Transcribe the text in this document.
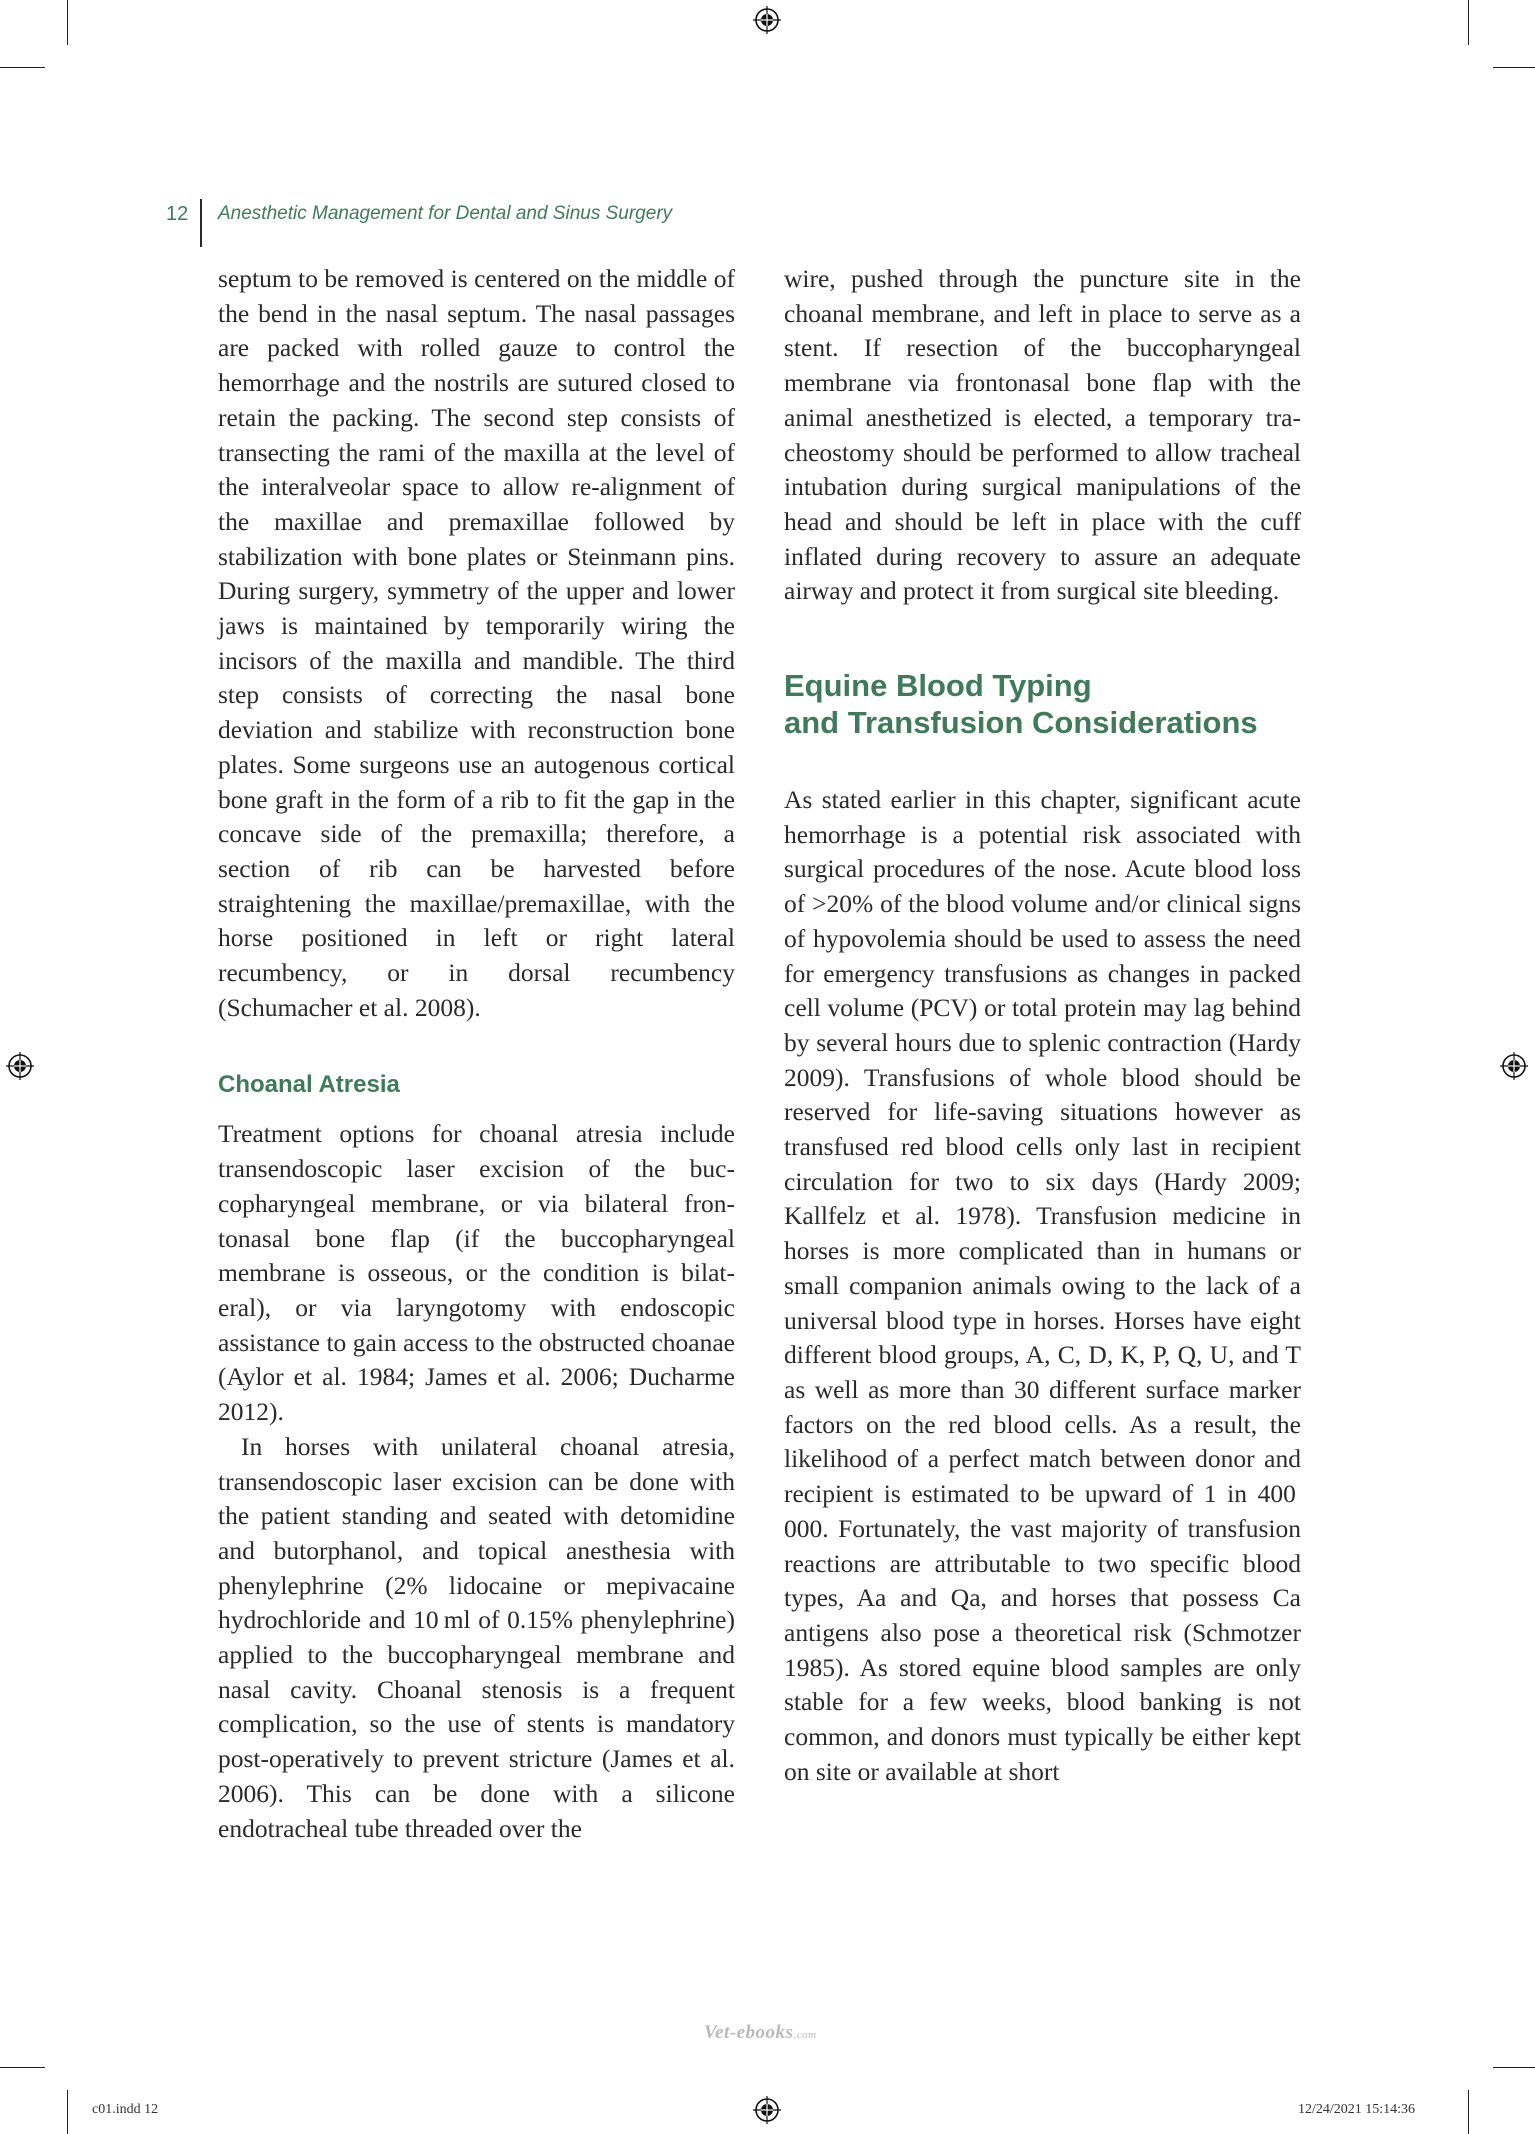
12 Anesthetic Management for Dental and Sinus Surgery

septum to be removed is centered on the middle of the bend in the nasal septum. The nasal passages are packed with rolled gauze to control the hemorrhage and the nostrils are sutured closed to retain the packing. The second step consists of transecting the rami of the maxilla at the level of the interalveolar space to allow re-alignment of the maxillae and premaxillae followed by stabilization with bone plates or Steinmann pins. During surgery, symmetry of the upper and lower jaws is maintained by temporarily wiring the incisors of the maxilla and mandible. The third step consists of correcting the nasal bone deviation and stabilize with reconstruction bone plates. Some surgeons use an autogenous cortical bone graft in the form of a rib to fit the gap in the concave side of the premaxilla; therefore, a section of rib can be harvested before straightening the maxillae/premaxillae, with the horse positioned in left or right lateral recumbency, or in dorsal recumbency (Schumacher et al. 2008).

Choanal Atresia

Treatment options for choanal atresia include transendoscopic laser excision of the buccopharyngeal membrane, or via bilateral frontonasal bone flap (if the buccopharyngeal membrane is osseous, or the condition is bilateral), or via laryngotomy with endoscopic assistance to gain access to the obstructed choanae (Aylor et al. 1984; James et al. 2006; Ducharme 2012).

In horses with unilateral choanal atresia, transendoscopic laser excision can be done with the patient standing and seated with detomidine and butorphanol, and topical anesthesia with phenylephrine (2% lidocaine or mepivacaine hydrochloride and 10 ml of 0.15% phenylephrine) applied to the buccopharyngeal membrane and nasal cavity. Choanal stenosis is a frequent complication, so the use of stents is mandatory post-operatively to prevent stricture (James et al. 2006). This can be done with a silicone endotracheal tube threaded over the

wire, pushed through the puncture site in the choanal membrane, and left in place to serve as a stent. If resection of the buccopharyngeal membrane via frontonasal bone flap with the animal anesthetized is elected, a temporary tracheostomy should be performed to allow tracheal intubation during surgical manipulations of the head and should be left in place with the cuff inflated during recovery to assure an adequate airway and protect it from surgical site bleeding.

Equine Blood Typing
and Transfusion Considerations

As stated earlier in this chapter, significant acute hemorrhage is a potential risk associated with surgical procedures of the nose. Acute blood loss of >20% of the blood volume and/or clinical signs of hypovolemia should be used to assess the need for emergency transfusions as changes in packed cell volume (PCV) or total protein may lag behind by several hours due to splenic contraction (Hardy 2009). Transfusions of whole blood should be reserved for life-saving situations however as transfused red blood cells only last in recipient circulation for two to six days (Hardy 2009; Kallfelz et al. 1978). Transfusion medicine in horses is more complicated than in humans or small companion animals owing to the lack of a universal blood type in horses. Horses have eight different blood groups, A, C, D, K, P, Q, U, and T as well as more than 30 different surface marker factors on the red blood cells. As a result, the likelihood of a perfect match between donor and recipient is estimated to be upward of 1 in 400 000. Fortunately, the vast majority of transfusion reactions are attributable to two specific blood types, Aa and Qa, and horses that possess Ca antigens also pose a theoretical risk (Schmotzer 1985). As stored equine blood samples are only stable for a few weeks, blood banking is not common, and donors must typically be either kept on site or available at short

Vet-ebooks.com
c01.indd 12	12/24/2021 15:14:36
